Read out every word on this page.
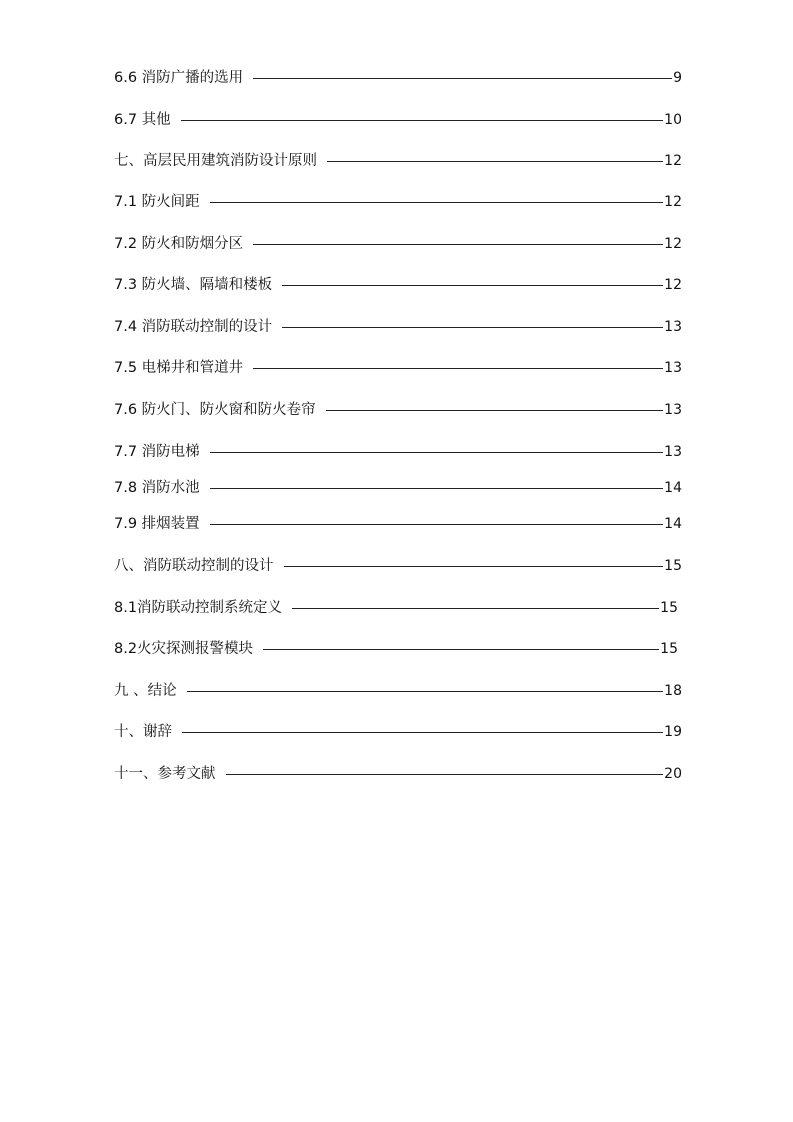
6.6 消防广播的选用	9
6.7 其他	10
七、高层民用建筑消防设计原则	12
7.1 防火间距	12
7.2 防火和防烟分区	12
7.3 防火墙、隔墙和楼板	12
7.4 消防联动控制的设计	13
7.5 电梯井和管道井	13
7.6 防火门、防火窗和防火卷帘	13
7.7 消防电梯	13
7.8 消防水池	14
7.9 排烟装置	14
八、消防联动控制的设计	15
8.1消防联动控制系统定义	15
8.2火灾探测报警模块	15
九 、结论	18
十、谢辞	19
十一、参考文献	20
